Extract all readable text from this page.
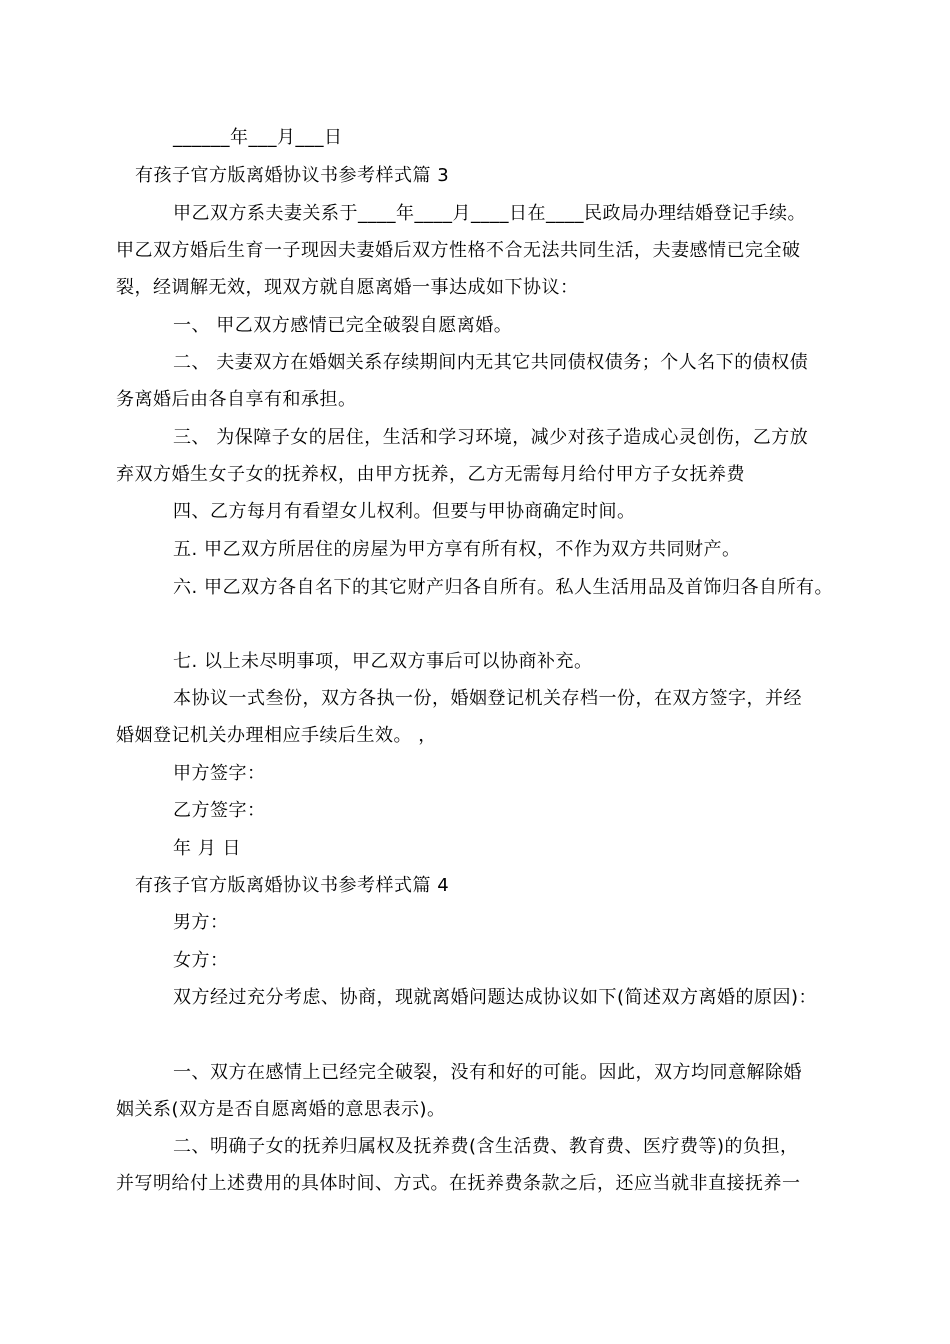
______年___月___日
有孩子官方版离婚协议书参考样式篇 3
甲乙双方系夫妻关系于____年____月____日在____民政局办理结婚登记手续。
甲乙双方婚后生育一子现因夫妻婚后双方性格不合无法共同生活，夫妻感情已完全破
裂，经调解无效，现双方就自愿离婚一事达成如下协议：
一、 甲乙双方感情已完全破裂自愿离婚。
二、 夫妻双方在婚姻关系存续期间内无其它共同债权债务；个人名下的债权债
务离婚后由各自享有和承担。
三、 为保障子女的居住，生活和学习环境，减少对孩子造成心灵创伤，乙方放
弃双方婚生女子女的抚养权，由甲方抚养，乙方无需每月给付甲方子女抚养费
四、乙方每月有看望女儿权利。但要与甲协商确定时间。
五. 甲乙双方所居住的房屋为甲方享有所有权，不作为双方共同财产。
六. 甲乙双方各自名下的其它财产归各自所有。私人生活用品及首饰归各自所有。
七. 以上未尽明事项，甲乙双方事后可以协商补充。
本协议一式叁份，双方各执一份，婚姻登记机关存档一份，在双方签字，并经
婚姻登记机关办理相应手续后生效。 ，
甲方签字：
乙方签字：
年 月 日
有孩子官方版离婚协议书参考样式篇 4
男方：
女方：
双方经过充分考虑、协商，现就离婚问题达成协议如下(简述双方离婚的原因)：
一、双方在感情上已经完全破裂，没有和好的可能。因此，双方均同意解除婚
姻关系(双方是否自愿离婚的意思表示)。
二、明确子女的抚养归属权及抚养费(含生活费、教育费、医疗费等)的负担，
并写明给付上述费用的具体时间、方式。在抚养费条款之后，还应当就非直接抚养一
